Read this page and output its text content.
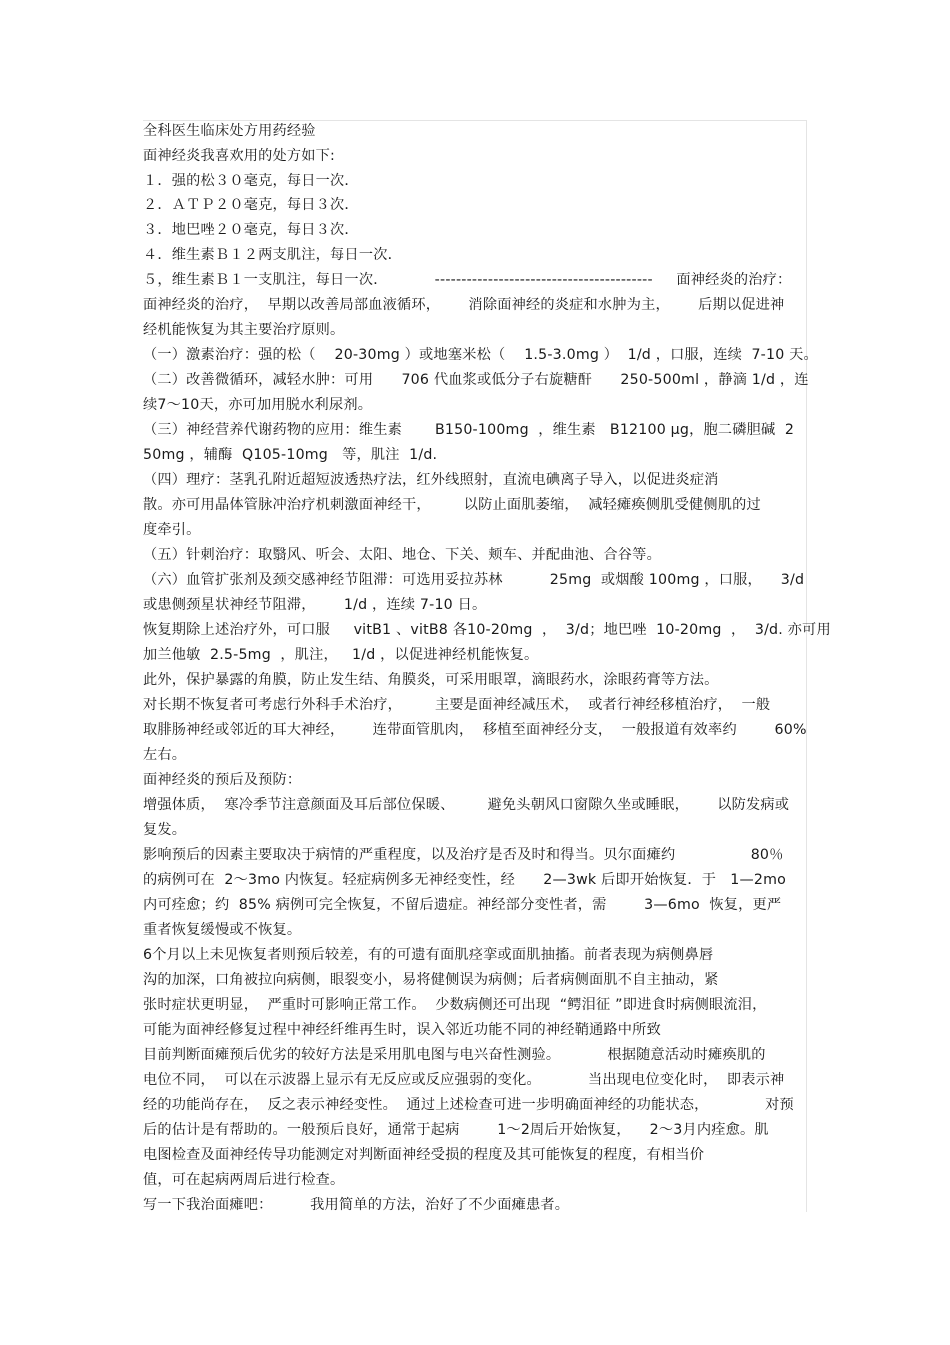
全科医生临床处方用药经验
面神经炎我喜欢用的处方如下:
１．强的松３０毫克，每日一次．
２．ＡＴＰ２０毫克，每日３次．
３．地巴唑２０毫克，每日３次．
４．维生素Ｂ１２两支肌注，每日一次．
５，维生素Ｂ１一支肌注，每日一次．          -----------------------------------------     面神经炎的治疗：
面神经炎的治疗，  早期以改善局部血液循环，      消除面神经的炎症和水肿为主，      后期以促进神
经机能恢复为其主要治疗原则。
（一）激素治疗：强的松（    20-30mg ）或地塞米松（    1.5-3.0mg ）  1/d ，口服，连续  7-10 天。
（二）改善微循环，减轻水肿：可用      706 代血浆或低分子右旋糖酐      250-500ml ，静滴 1/d ，连
续7～10天，亦可加用脱水利尿剂。
（三）神经营养代谢药物的应用：维生素       B150-100mg  ，维生素   B12100 μg，胞二磷胆碱  2
50mg ，辅酶  Q105-10mg   等，肌注  1/d.
（四）理疗：茎乳孔附近超短波透热疗法，红外线照射，直流电碘离子导入，以促进炎症消
散。亦可用晶体管脉冲治疗机刺激面神经干，       以防止面肌萎缩，  减轻瘫痪侧肌受健侧肌的过
度牵引。
（五）针刺治疗：取翳风、听会、太阳、地仓、下关、颊车、并配曲池、合谷等。
（六）血管扩张剂及颈交感神经节阻滞：可选用妥拉苏林          25mg  或烟酸 100mg ，口服，    3/d
或患侧颈星状神经节阻滞，      1/d ，连续 7-10 日。
恢复期除上述治疗外，可口服     vitB1 、vitB8 各10-20mg  ，  3/d；地巴唑  10-20mg  ，  3/d. 亦可用
加兰他敏  2.5-5mg  ，肌注，   1/d ，以促进神经机能恢复。
此外，保护暴露的角膜，防止发生结、角膜炎，可采用眼罩，滴眼药水，涂眼药膏等方法。
对长期不恢复者可考虑行外科手术治疗，       主要是面神经减压术，  或者行神经移植治疗，  一般
取腓肠神经或邻近的耳大神经，      连带面管肌肉，  移植至面神经分支，  一般报道有效率约        60%
左右。
面神经炎的预后及预防：
增强体质，  寒冷季节注意颜面及耳后部位保暖、       避免头朝风口窗隙久坐或睡眠，      以防发病或
复发。
影响预后的因素主要取决于病情的严重程度，以及治疗是否及时和得当。贝尔面瘫约                80％
的病例可在  2～3mo 内恢复。轻症病例多无神经变性，经      2—3wk 后即开始恢复．于   1—2mo
内可痊愈；约  85% 病例可完全恢复，不留后遗症。神经部分变性者，需        3—6mo  恢复，更严
重者恢复缓慢或不恢复。
6个月以上未见恢复者则预后较差，有的可遗有面肌痉挛或面肌抽搐。前者表现为病侧鼻唇
沟的加深，口角被拉向病侧，眼裂变小，易将健侧误为病侧；后者病侧面肌不自主抽动，紧
张时症状更明显，  严重时可影响正常工作。  少数病侧还可出现  “鳄泪征 ”即进食时病侧眼流泪，
可能为面神经修复过程中神经纤维再生时，误入邻近功能不同的神经鞘通路中所致
目前判断面瘫预后优劣的较好方法是采用肌电图与电兴奋性测验。          根据随意活动时瘫痪肌的
电位不同，  可以在示波器上显示有无反应或反应强弱的变化。          当出现电位变化时，  即表示神
经的功能尚存在，  反之表示神经变性。  通过上述检查可进一步明确面神经的功能状态，            对预
后的估计是有帮助的。一般预后良好，通常于起病        1～2周后开始恢复，    2～3月内痊愈。肌
电图检查及面神经传导功能测定对判断面神经受损的程度及其可能恢复的程度，有相当价
值，可在起病两周后进行检查。
写一下我治面瘫吧：        我用简单的方法，治好了不少面瘫患者。
